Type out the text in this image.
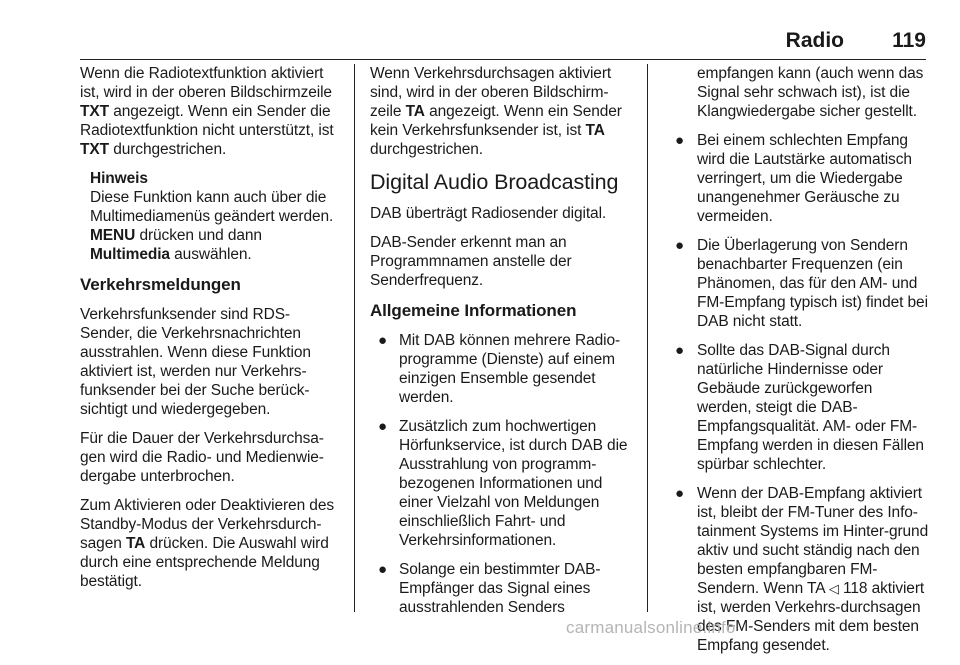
Radio 119

Wenn die Radiotextfunktion aktiviert ist, wird in der oberen Bildschirmzeile TXT angezeigt. Wenn ein Sender die Radiotextfunktion nicht unterstützt, ist TXT durchgestrichen.

Hinweis
Diese Funktion kann auch über die Multimediamenüs geändert werden. MENU drücken und dann Multimedia auswählen.
Verkehrsmeldungen

Verkehrsfunksender sind RDS-Sender, die Verkehrsnachrichten ausstrahlen. Wenn diese Funktion aktiviert ist, werden nur Verkehrs-funksender bei der Suche berück-sichtigt und wiedergegeben.

Für die Dauer der Verkehrsdurchsa-gen wird die Radio- und Medienwie-dergabe unterbrochen.

Zum Aktivieren oder Deaktivieren des Standby-Modus der Verkehrsdurch-sagen TA drücken. Die Auswahl wird durch eine entsprechende Meldung bestätigt.

Wenn Verkehrsdurchsagen aktiviert sind, wird in der oberen Bildschirm-zeile TA angezeigt. Wenn ein Sender kein Verkehrsfunksender ist, ist TA durchgestrichen.

Digital Audio Broadcasting

DAB überträgt Radiosender digital.

DAB-Sender erkennt man an Programmnamen anstelle der Senderfrequenz.

Allgemeine Informationen
● Mit DAB können mehrere Radio-programme (Dienste) auf einem einzigen Ensemble gesendet werden.
● Zusätzlich zum hochwertigen Hörfunkservice, ist durch DAB die Ausstrahlung von programm-bezogenen Informationen und einer Vielzahl von Meldungen einschließlich Fahrt- und Verkehrsinformationen.
● Solange ein bestimmter DAB-Empfänger das Signal eines ausstrahlenden Senders
empfangen kann (auch wenn das Signal sehr schwach ist), ist die Klangwiedergabe sicher gestellt.
● Bei einem schlechten Empfang wird die Lautstärke automatisch verringert, um die Wiedergabe unangenehmer Geräusche zu vermeiden.
● Die Überlagerung von Sendern benachbarter Frequenzen (ein Phänomen, das für den AM- und FM-Empfang typisch ist) findet bei DAB nicht statt.
● Sollte das DAB-Signal durch natürliche Hindernisse oder Gebäude zurückgeworfen werden, steigt die DAB-Empfangsqualität. AM- oder FM-Empfang werden in diesen Fällen spürbar schlechter.
● Wenn der DAB-Empfang aktiviert ist, bleibt der FM-Tuner des Info-tainment Systems im Hinter-grund aktiv und sucht ständig nach den besten empfangbaren FM-Sendern. Wenn TA ◁ 118 aktiviert ist, werden Verkehrs-durchsagen des FM-Senders mit dem besten Empfang gesendet.
carmanualsonline.info
